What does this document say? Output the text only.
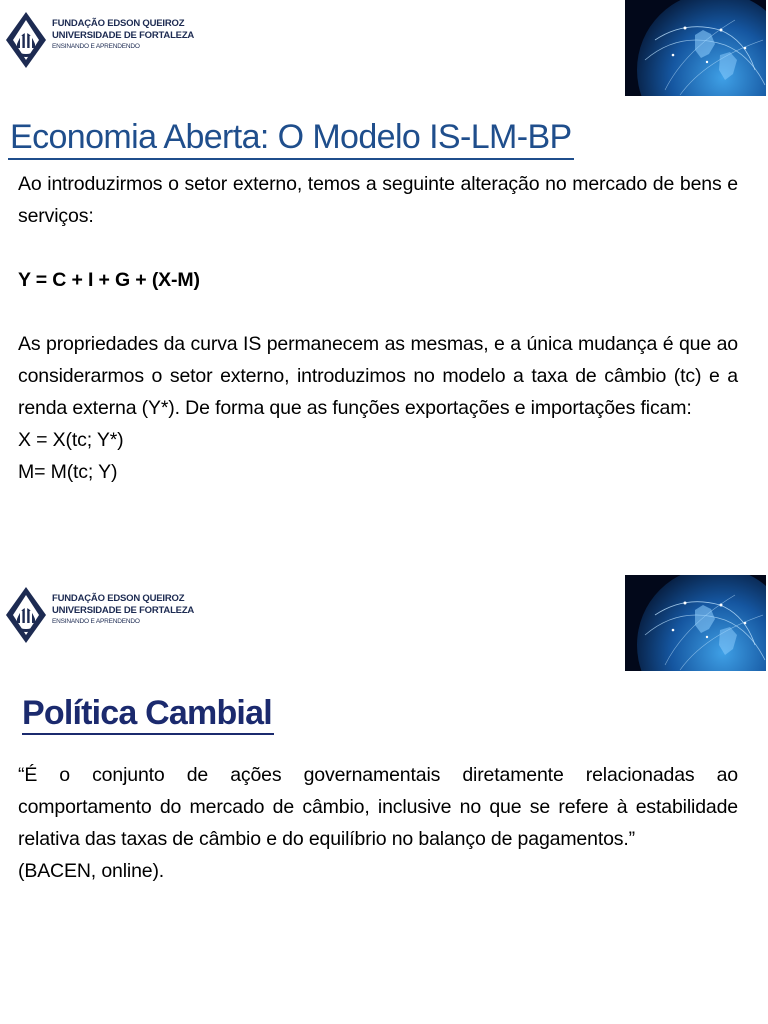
FUNDAÇÃO EDSON QUEIROZ
UNIVERSIDADE DE FORTALEZA
ENSINANDO E APRENDENDO
Economia Aberta: O Modelo IS-LM-BP

Ao introduzirmos o setor externo, temos a seguinte alteração no mercado de bens e serviços:

Y = C + I + G + (X-M)

As propriedades da curva IS permanecem as mesmas, e a única mudança é que ao considerarmos o setor externo, introduzimos no modelo a taxa de câmbio (tc) e a renda externa (Y*). De forma que as funções exportações e importações ficam:

X = X(tc; Y*)
M= M(tc; Y)
FUNDAÇÃO EDSON QUEIROZ
UNIVERSIDADE DE FORTALEZA
ENSINANDO E APRENDENDO
Política Cambial

“É o conjunto de ações governamentais diretamente relacionadas ao comportamento do mercado de câmbio, inclusive no que se refere à estabilidade relativa das taxas de câmbio e do equilíbrio no balanço de pagamentos.”

(BACEN, online).
